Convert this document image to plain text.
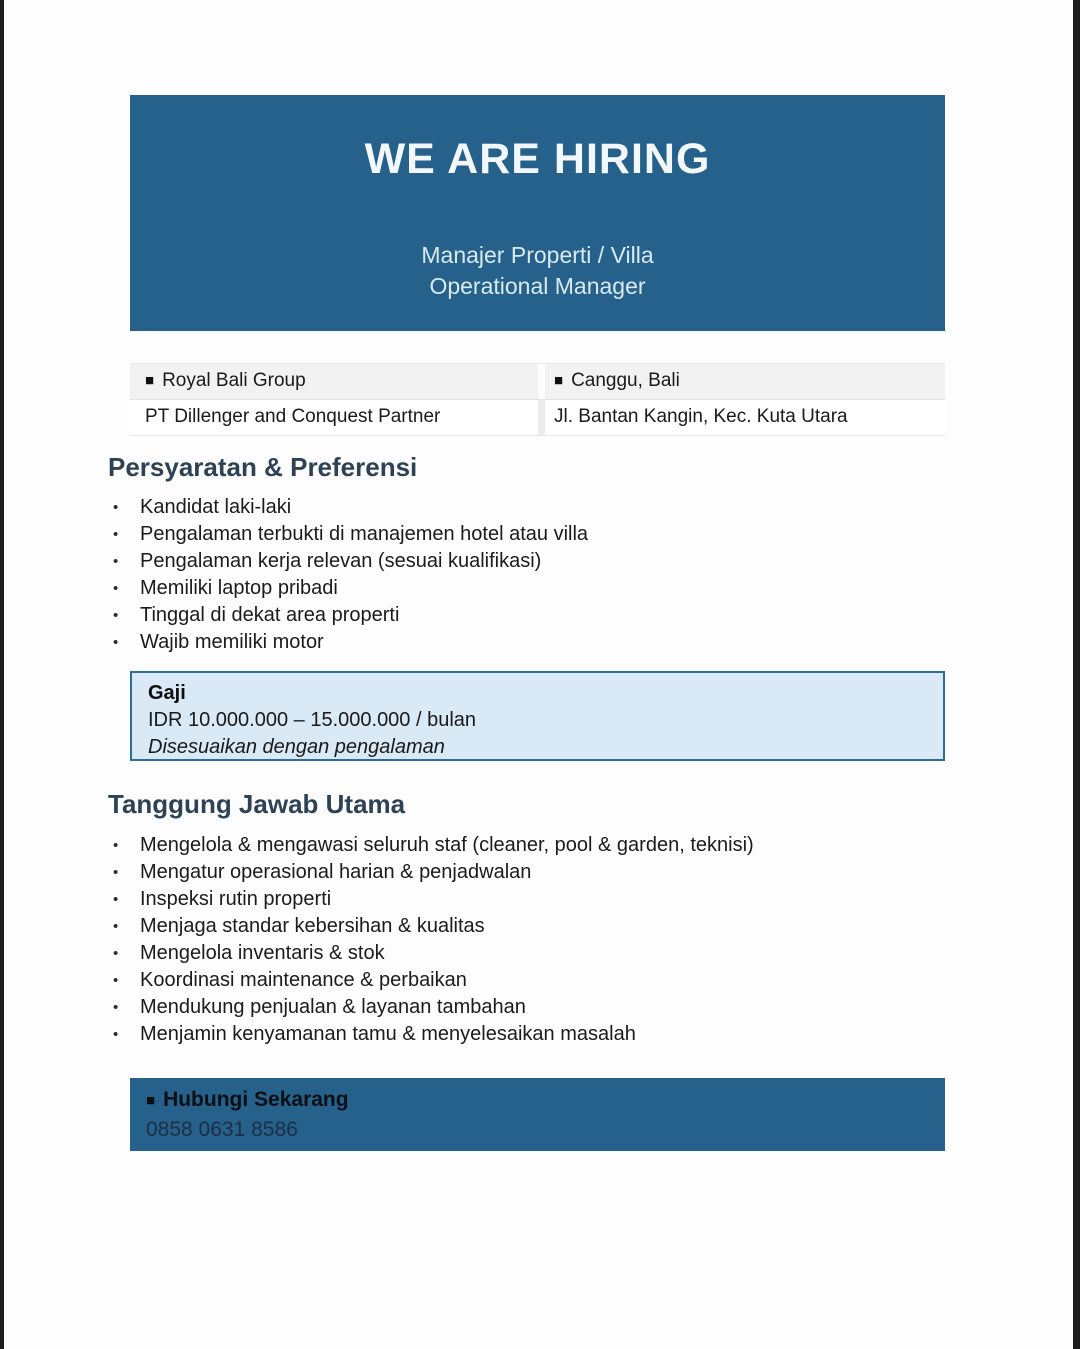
WE ARE HIRING
Manajer Properti / Villa
Operational Manager
■ Royal Bali Group	■ Canggu, Bali
PT Dillenger and Conquest Partner	Jl. Bantan Kangin, Kec. Kuta Utara
Persyaratan & Preferensi
•	Kandidat laki-laki
•	Pengalaman terbukti di manajemen hotel atau villa
•	Pengalaman kerja relevan (sesuai kualifikasi)
•	Memiliki laptop pribadi
•	Tinggal di dekat area properti
•	Wajib memiliki motor
Gaji
IDR 10.000.000 – 15.000.000 / bulan
Disesuaikan dengan pengalaman
Tanggung Jawab Utama
•	Mengelola & mengawasi seluruh staf (cleaner, pool & garden, teknisi)
•	Mengatur operasional harian & penjadwalan
•	Inspeksi rutin properti
•	Menjaga standar kebersihan & kualitas
•	Mengelola inventaris & stok
•	Koordinasi maintenance & perbaikan
•	Mendukung penjualan & layanan tambahan
•	Menjamin kenyamanan tamu & menyelesaikan masalah
■ Hubungi Sekarang
0858 0631 8586
